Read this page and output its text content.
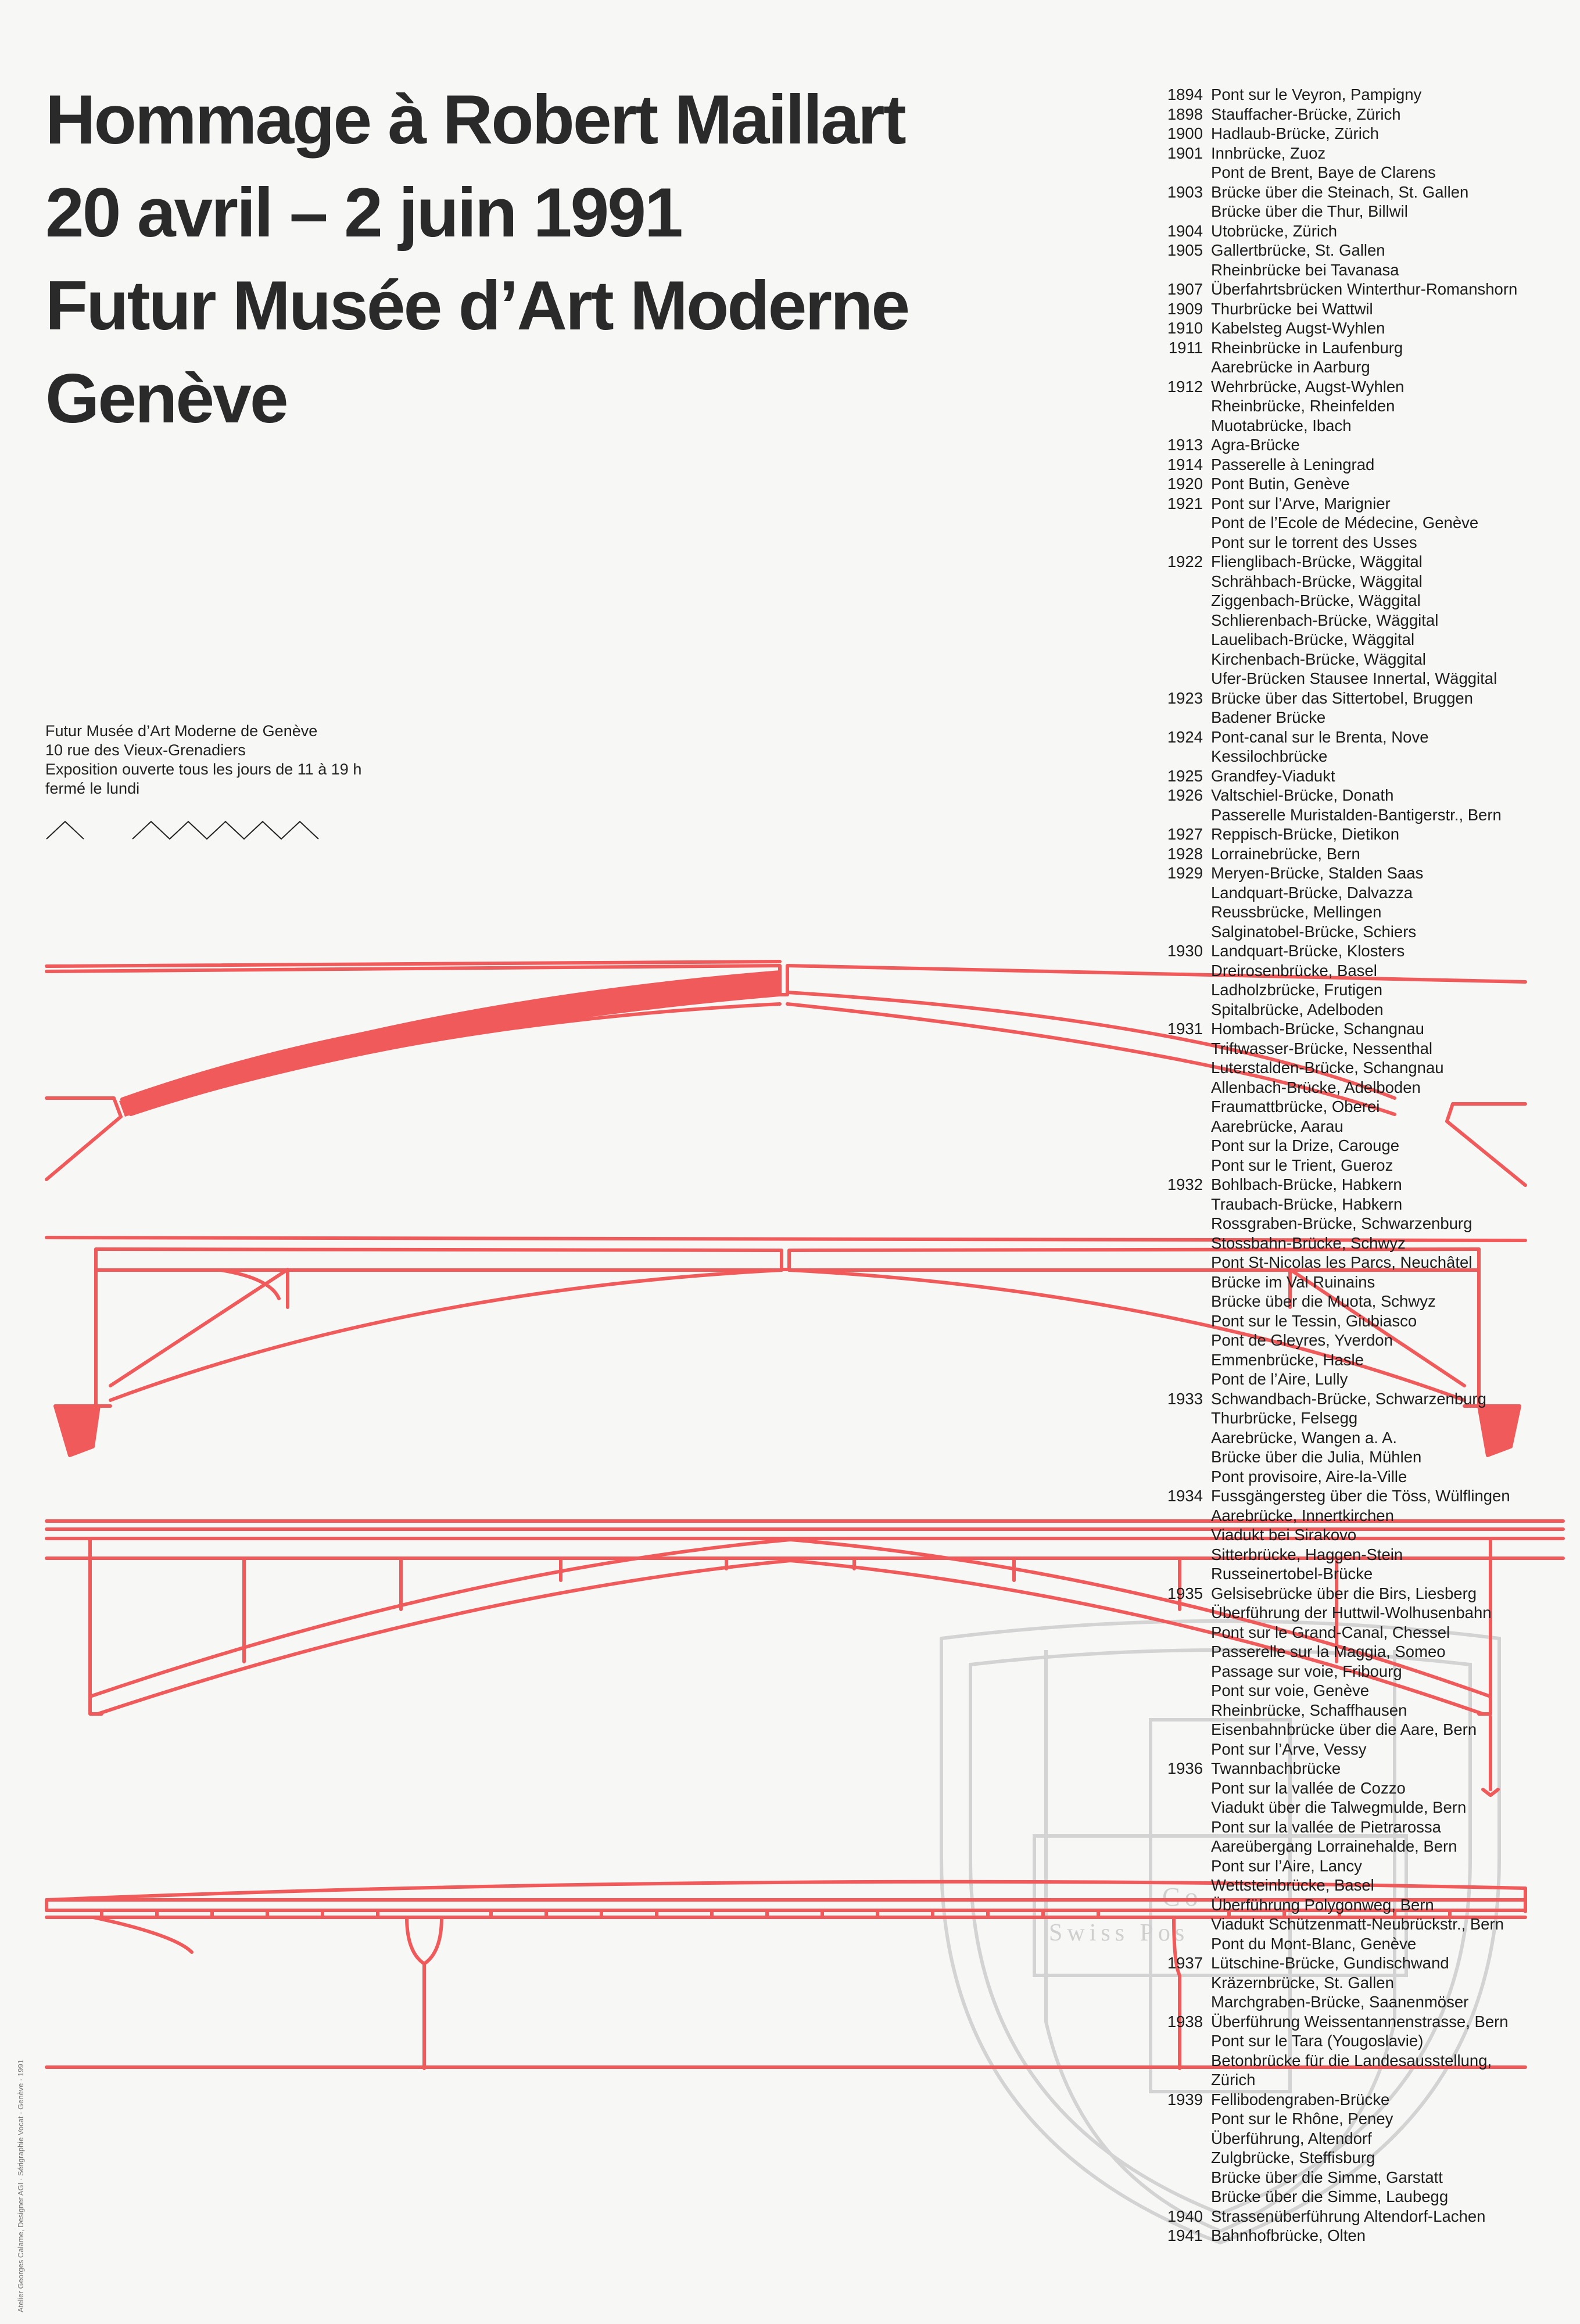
Hommage à Robert Maillart
20 avril – 2 juin 1991
Futur Musée d’Art Moderne
Genève
Futur Musée d’Art Moderne de Genève
10 rue des Vieux-Grenadiers
Exposition ouverte tous les jours de 11 à 19 h
fermé le lundi
Co
Swiss Pos
1894 Pont sur le Veyron, Pampigny
1898 Stauffacher-Brücke, Zürich
1900 Hadlaub-Brücke, Zürich
1901 Innbrücke, Zuoz
Pont de Brent, Baye de Clarens
1903 Brücke über die Steinach, St. Gallen
Brücke über die Thur, Billwil
1904 Utobrücke, Zürich
1905 Gallertbrücke, St. Gallen
Rheinbrücke bei Tavanasa
1907 Überfahrtsbrücken Winterthur-Romanshorn
1909 Thurbrücke bei Wattwil
1910 Kabelsteg Augst-Wyhlen
1911 Rheinbrücke in Laufenburg
Aarebrücke in Aarburg
1912 Wehrbrücke, Augst-Wyhlen
Rheinbrücke, Rheinfelden
Muotabrücke, Ibach
1913 Agra-Brücke
1914 Passerelle à Leningrad
1920 Pont Butin, Genève
1921 Pont sur l’Arve, Marignier
Pont de l’Ecole de Médecine, Genève
Pont sur le torrent des Usses
1922 Flienglibach-Brücke, Wäggital
Schrähbach-Brücke, Wäggital
Ziggenbach-Brücke, Wäggital
Schlierenbach-Brücke, Wäggital
Lauelibach-Brücke, Wäggital
Kirchenbach-Brücke, Wäggital
Ufer-Brücken Stausee Innertal, Wäggital
1923 Brücke über das Sittertobel, Bruggen
Badener Brücke
1924 Pont-canal sur le Brenta, Nove
Kessilochbrücke
1925 Grandfey-Viadukt
1926 Valtschiel-Brücke, Donath
Passerelle Muristalden-Bantigerstr., Bern
1927 Reppisch-Brücke, Dietikon
1928 Lorrainebrücke, Bern
1929 Meryen-Brücke, Stalden Saas
Landquart-Brücke, Dalvazza
Reussbrücke, Mellingen
Salginatobel-Brücke, Schiers
1930 Landquart-Brücke, Klosters
Dreirosenbrücke, Basel
Ladholzbrücke, Frutigen
Spitalbrücke, Adelboden
1931 Hombach-Brücke, Schangnau
Triftwasser-Brücke, Nessenthal
Luterstalden-Brücke, Schangnau
Allenbach-Brücke, Adelboden
Fraumattbrücke, Oberei
Aarebrücke, Aarau
Pont sur la Drize, Carouge
Pont sur le Trient, Gueroz
1932 Bohlbach-Brücke, Habkern
Traubach-Brücke, Habkern
Rossgraben-Brücke, Schwarzenburg
Stossbahn-Brücke, Schwyz
Pont St-Nicolas les Parcs, Neuchâtel
Brücke im Val Ruinains
Brücke über die Muota, Schwyz
Pont sur le Tessin, Giubiasco
Pont de Gleyres, Yverdon
Emmenbrücke, Hasle
Pont de l’Aire, Lully
1933 Schwandbach-Brücke, Schwarzenburg
Thurbrücke, Felsegg
Aarebrücke, Wangen a. A.
Brücke über die Julia, Mühlen
Pont provisoire, Aire-la-Ville
1934 Fussgängersteg über die Töss, Wülflingen
Aarebrücke, Innertkirchen
Viadukt bei Sirakovo
Sitterbrücke, Haggen-Stein
Russeinertobel-Brücke
1935 Gelsisebrücke über die Birs, Liesberg
Überführung der Huttwil-Wolhusenbahn
Pont sur le Grand-Canal, Chessel
Passerelle sur la Maggia, Someo
Passage sur voie, Fribourg
Pont sur voie, Genève
Rheinbrücke, Schaffhausen
Eisenbahnbrücke über die Aare, Bern
Pont sur l’Arve, Vessy
1936 Twannbachbrücke
Pont sur la vallée de Cozzo
Viadukt über die Talwegmulde, Bern
Pont sur la vallée de Pietrarossa
Aareübergang Lorrainehalde, Bern
Pont sur l’Aire, Lancy
Wettsteinbrücke, Basel
Überführung Polygonweg, Bern
Viadukt Schützenmatt-Neubrückstr., Bern
Pont du Mont-Blanc, Genève
1937 Lütschine-Brücke, Gundischwand
Kräzernbrücke, St. Gallen
Marchgraben-Brücke, Saanenmöser
1938 Überführung Weissentannenstrasse, Bern
Pont sur le Tara (Yougoslavie)
Betonbrücke für die Landesausstellung,
Zürich
1939 Fellibodengraben-Brücke
Pont sur le Rhône, Peney
Überführung, Altendorf
Zulgbrücke, Steffisburg
Brücke über die Simme, Garstatt
Brücke über die Simme, Laubegg
1940 Strassenüberführung Altendorf-Lachen
1941 Bahnhofbrücke, Olten
Atelier Georges Calame, Designer AGI · Sérigraphie Vocat · Genève · 1991
